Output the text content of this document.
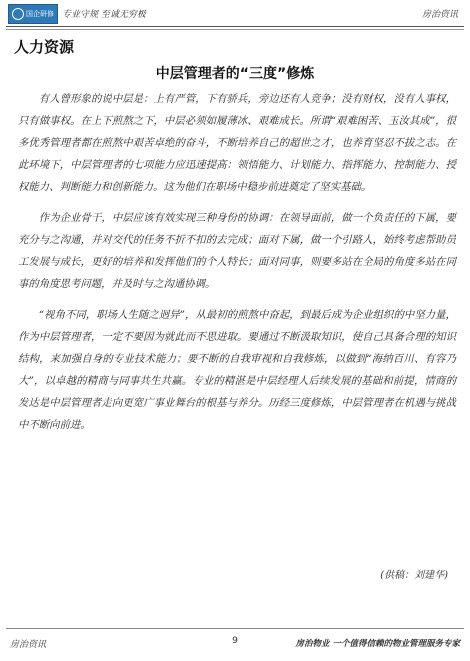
国企研修 专业守规 至诚无穷极	房治资讯
人力资源
中层管理者的“三度”修炼

有人曾形象的说中层是：上有严管，下有骄兵，旁边还有人竞争；没有财权，没有人事权，只有做事权。在上下煎熬之下，中层必须如履薄冰、艰难成长。所谓“艰难困苦、玉汝其成”，很多优秀管理者都在煎熬中艰苦卓绝的奋斗，不断培养自己的超世之才，也养育坚忍不拔之志。在此环境下，中层管理者的七项能力应迅速提高：领悟能力、计划能力、指挥能力、控制能力、授权能力、判断能力和创新能力。这为他们在职场中稳步前进奠定了坚实基础。

作为企业骨干，中层应该有效实现三种身份的协调：在领导面前，做一个负责任的下属，要充分与之沟通，并对交代的任务不折不扣的去完成；面对下属，做一个引路人，始终考虑帮助员工发展与成长，更好的培养和发挥他们的个人特长；面对同事，则要多站在全局的角度多站在同事的角度思考问题，并及时与之沟通协调。

“视角不同，职场人生随之迥异”，从最初的煎熬中奋起，到最后成为企业组织的中坚力量，作为中层管理者，一定不要因为就此而不思进取。要通过不断汲取知识，使自己具备合理的知识结构，来加强自身的专业技术能力；要不断的自我审视和自我修炼，以做到“海纳百川、有容乃大”，以卓越的精商与同事共生共赢。专业的精湛是中层经理人后续发展的基础和前提，情商的发达是中层管理者走向更宽广事业舞台的根基与养分。历经三度修炼，中层管理者在机遇与挑战中不断向前进。

(供稿：刘建华)
房治资讯	9	房治物业 一个值得信赖的物业管理服务专家
